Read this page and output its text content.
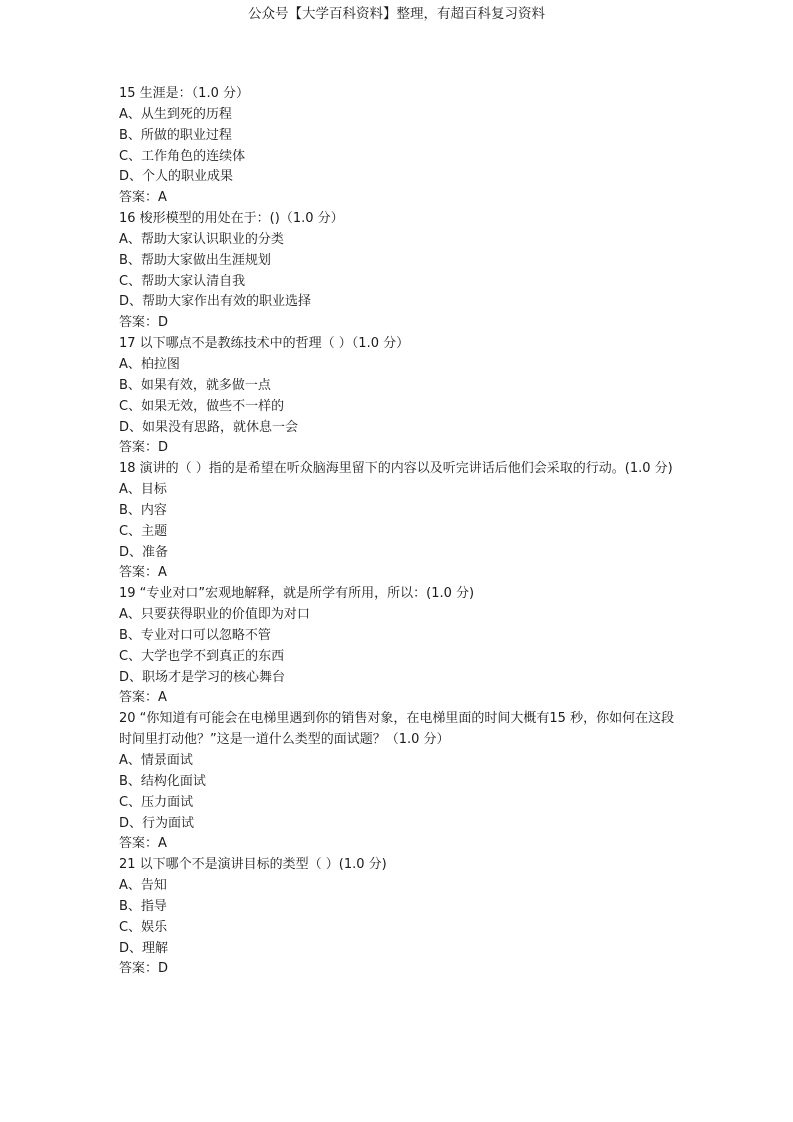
公众号【大学百科资料】整理，有超百科复习资料
15 生涯是：（1.0 分）
A、从生到死的历程
B、所做的职业过程
C、工作角色的连续体
D、个人的职业成果
答案：A
16 梭形模型的用处在于：()（1.0 分）
A、帮助大家认识职业的分类
B、帮助大家做出生涯规划
C、帮助大家认清自我
D、帮助大家作出有效的职业选择
答案：D
17 以下哪点不是教练技术中的哲理（ ）（1.0 分）
A、柏拉图
B、如果有效，就多做一点
C、如果无效，做些不一样的
D、如果没有思路，就休息一会
答案：D
18 演讲的（ ）指的是希望在听众脑海里留下的内容以及听完讲话后他们会采取的行动。(1.0 分)
A、目标
B、内容
C、主题
D、准备
答案：A
19 “专业对口”宏观地解释，就是所学有所用，所以：(1.0 分)
A、只要获得职业的价值即为对口
B、专业对口可以忽略不管
C、大学也学不到真正的东西
D、职场才是学习的核心舞台
答案：A
20 “你知道有可能会在电梯里遇到你的销售对象，在电梯里面的时间大概有15 秒，你如何在这段时间里打动他？”这是一道什么类型的面试题？（1.0 分）
A、情景面试
B、结构化面试
C、压力面试
D、行为面试
答案：A
21 以下哪个不是演讲目标的类型（ ）(1.0 分)
A、告知
B、指导
C、娱乐
D、理解
答案：D
